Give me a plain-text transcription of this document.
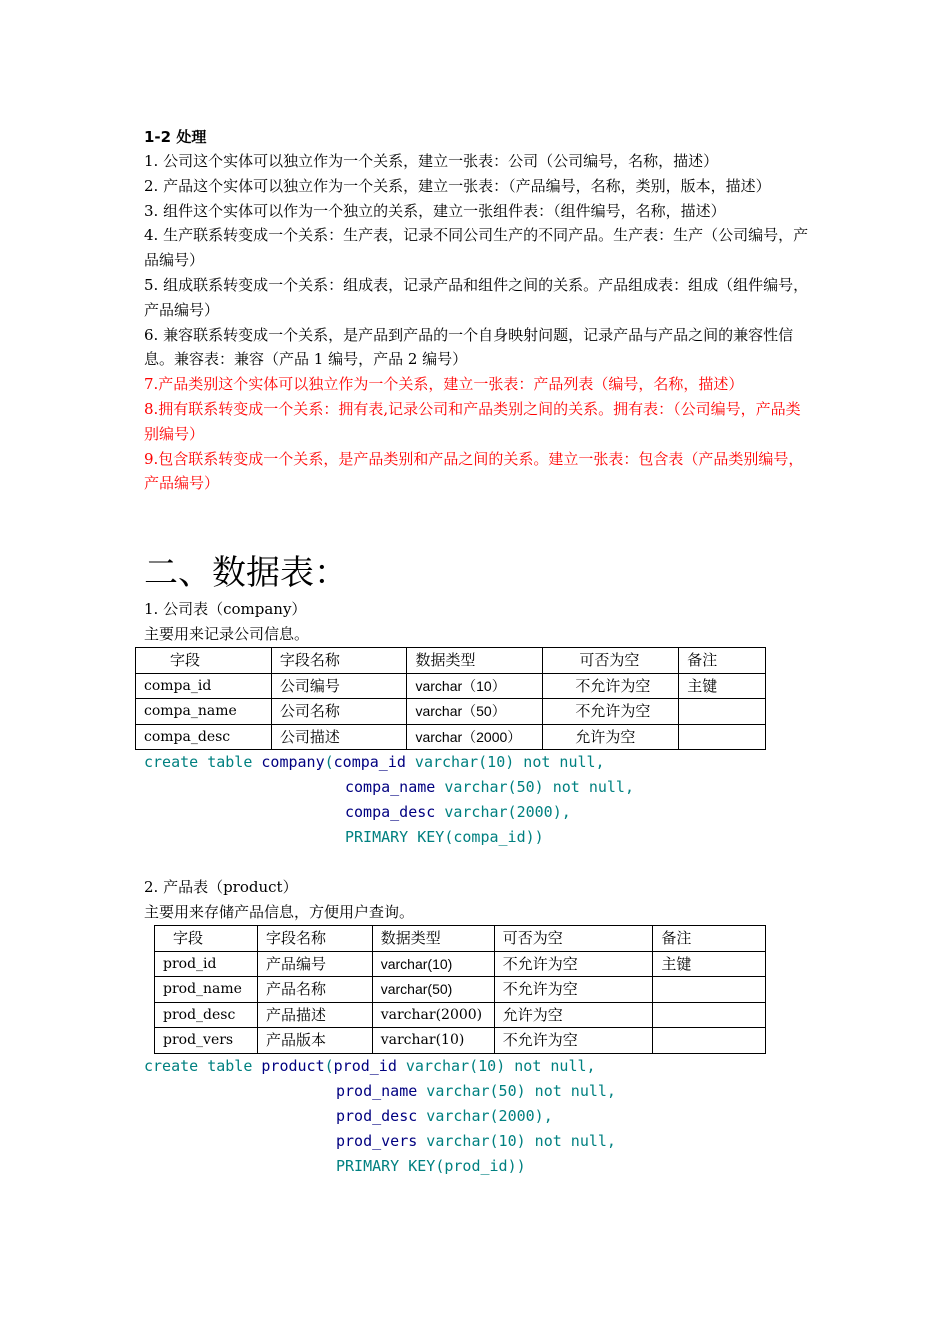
1-2 处理

1. 公司这个实体可以独立作为一个关系，建立一张表：公司（公司编号，名称，描述）

2. 产品这个实体可以独立作为一个关系，建立一张表：（产品编号，名称，类别，版本，描述）

3. 组件这个实体可以作为一个独立的关系，建立一张组件表：（组件编号，名称，描述）

4. 生产联系转变成一个关系：生产表，记录不同公司生产的不同产品。生产表：生产（公司编号，产品编号）

5. 组成联系转变成一个关系：组成表，记录产品和组件之间的关系。产品组成表：组成（组件编号，产品编号）

6. 兼容联系转变成一个关系，是产品到产品的一个自身映射问题，记录产品与产品之间的兼容性信息。兼容表：兼容（产品 1 编号，产品 2 编号）

7.产品类别这个实体可以独立作为一个关系，建立一张表：产品列表（编号，名称，描述）

8.拥有联系转变成一个关系：拥有表,记录公司和产品类别之间的关系。拥有表：（公司编号，产品类别编号）

9.包含联系转变成一个关系，是产品类别和产品之间的关系。建立一张表：包含表（产品类别编号，产品编号）

二、数据表：
1. 公司表（company）
主要用来记录公司信息。
字段	字段名称	数据类型	可否为空	备注
compa_id	公司编号	varchar（10）	不允许为空	主键
compa_name	公司名称	varchar（50）	不允许为空	
compa_desc	公司描述	varchar（2000）	允许为空	
create table company(compa_id varchar(10) not null,
compa_name varchar(50) not null,
compa_desc varchar(2000),
PRIMARY KEY(compa_id))
2. 产品表（product）
主要用来存储产品信息，方便用户查询。
字段	字段名称	数据类型	可否为空	备注
prod_id	产品编号	varchar(10)	不允许为空	主键
prod_name	产品名称	varchar(50)	不允许为空	
prod_desc	产品描述	varchar(2000)	允许为空	
prod_vers	产品版本	varchar(10)	不允许为空	
create table product(prod_id varchar(10) not null,
prod_name varchar(50) not null,
prod_desc varchar(2000),
prod_vers varchar(10) not null,
PRIMARY KEY(prod_id))
